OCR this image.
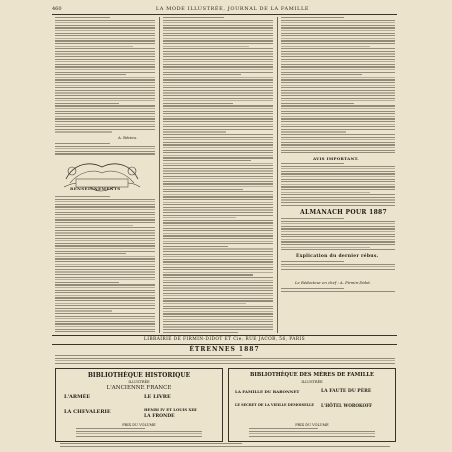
460	LA MODE ILLUSTRÉE, JOURNAL DE LA FAMILLE
A. Bérieu.
RENSEIGNEMENTS
AVIS IMPORTANT.
ALMANACH POUR 1887
Explication du dernier rébus.
Le Rédacteur en chef : A. Firmin-Didot.
LIBRAIRIE DE FIRMIN-DIDOT ET Cie, RUE JACOB, 56, PARIS
ÉTRENNES 1887
BIBLIOTHÈQUE HISTORIQUE
ILLUSTRÉE
L'ANCIENNE FRANCE
L'ARMÉE
LA CHEVALERIE
LE LIVRE
HENRI IV ET LOUIS XIII
LA FRONDE
PRIX DU VOLUME
BIBLIOTHÈQUE DES MÈRES DE FAMILLE
ILLUSTRÉE
LA FAMILLE DU BARONNET	LA FAUTE DU PÈRE
LE SECRET DE LA VIEILLE DEMOISELLE L'HÔTEL WOROKOFF
PRIX DU VOLUME
